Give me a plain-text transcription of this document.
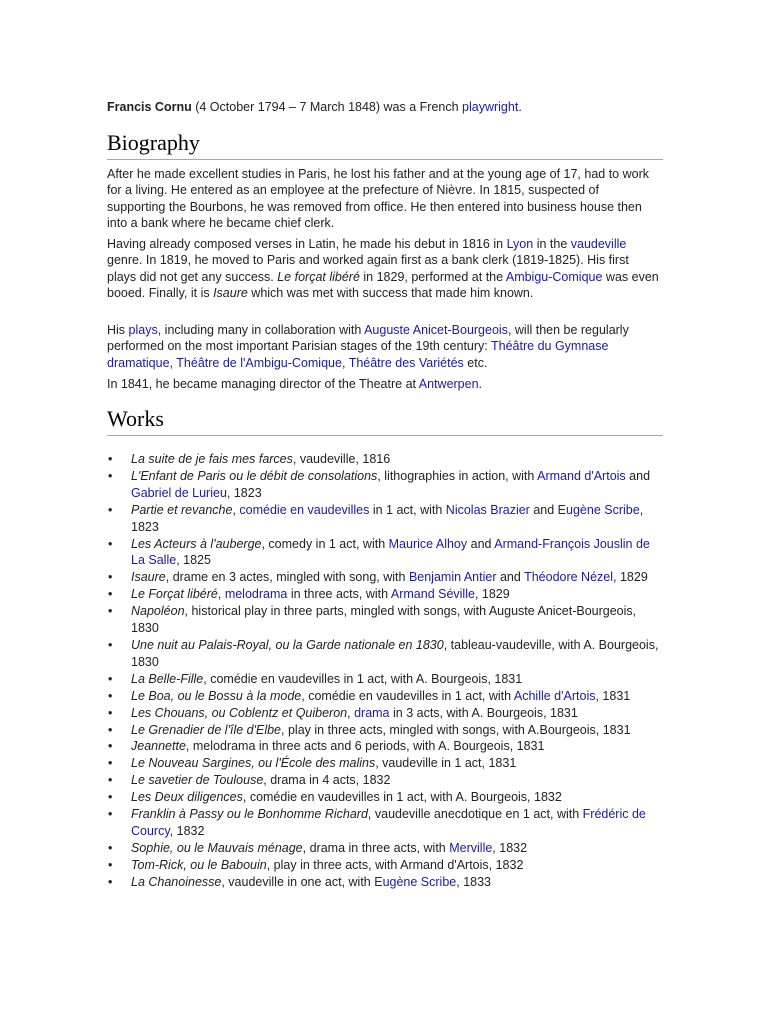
Francis Cornu (4 October 1794 – 7 March 1848) was a French playwright.

Biography

After he made excellent studies in Paris, he lost his father and at the young age of 17, had to work for a living. He entered as an employee at the prefecture of Nièvre. In 1815, suspected of supporting the Bourbons, he was removed from office. He then entered into business house then into a bank where he became chief clerk.

Having already composed verses in Latin, he made his debut in 1816 in Lyon in the vaudeville genre. In 1819, he moved to Paris and worked again first as a bank clerk (1819-1825). His first plays did not get any success. Le forçat libéré in 1829, performed at the Ambigu-Comique was even booed. Finally, it is Isaure which was met with success that made him known.

His plays, including many in collaboration with Auguste Anicet-Bourgeois, will then be regularly performed on the most important Parisian stages of the 19th century: Théâtre du Gymnase dramatique, Théâtre de l'Ambigu-Comique, Théâtre des Variétés etc.

In 1841, he became managing director of the Theatre at Antwerpen.

Works
• La suite de je fais mes farces, vaudeville, 1816
• L'Enfant de Paris ou le débit de consolations, lithographies in action, with Armand d'Artois and Gabriel de Lurieu, 1823
• Partie et revanche, comédie en vaudevilles in 1 act, with Nicolas Brazier and Eugène Scribe, 1823
• Les Acteurs à l'auberge, comedy in 1 act, with Maurice Alhoy and Armand-François Jouslin de La Salle, 1825
• Isaure, drame en 3 actes, mingled with song, with Benjamin Antier and Théodore Nézel, 1829
• Le Forçat libéré, melodrama in three acts, with Armand Séville, 1829
• Napoléon, historical play in three parts, mingled with songs, with Auguste Anicet-Bourgeois, 1830
• Une nuit au Palais-Royal, ou la Garde nationale en 1830, tableau-vaudeville, with A. Bourgeois, 1830
• La Belle-Fille, comédie en vaudevilles in 1 act, with A. Bourgeois, 1831
• Le Boa, ou le Bossu à la mode, comédie en vaudevilles in 1 act, with Achille d'Artois, 1831
• Les Chouans, ou Coblentz et Quiberon, drama in 3 acts, with A. Bourgeois, 1831
• Le Grenadier de l'île d'Elbe, play in three acts, mingled with songs, with A.Bourgeois, 1831
• Jeannette, melodrama in three acts and 6 periods, with A. Bourgeois, 1831
• Le Nouveau Sargines, ou l'École des malins, vaudeville in 1 act, 1831
• Le savetier de Toulouse, drama in 4 acts, 1832
• Les Deux diligences, comédie en vaudevilles in 1 act, with A. Bourgeois, 1832
• Franklin à Passy ou le Bonhomme Richard, vaudeville anecdotique en 1 act, with Frédéric de Courcy, 1832
• Sophie, ou le Mauvais ménage, drama in three acts, with Merville, 1832
• Tom-Rick, ou le Babouin, play in three acts, with Armand d'Artois, 1832
• La Chanoinesse, vaudeville in one act, with Eugène Scribe, 1833
